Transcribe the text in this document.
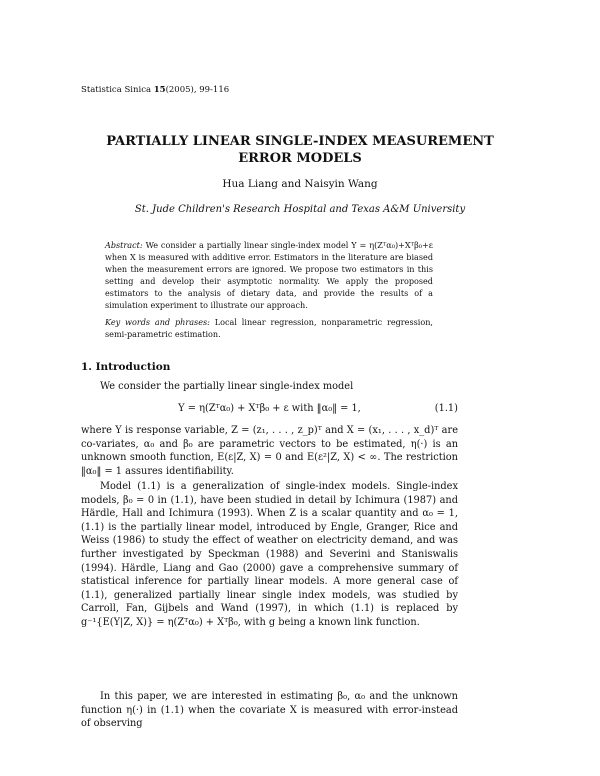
Statistica Sinica 15(2005), 99-116
PARTIALLY LINEAR SINGLE-INDEX MEASUREMENT
ERROR MODELS
Hua Liang and Naisyin Wang
St. Jude Children's Research Hospital and Texas A&M University
Abstract: We consider a partially linear single-index model Y = η(Zᵀα₀)+Xᵀβ₀+ε when X is measured with additive error. Estimators in the literature are biased when the measurement errors are ignored. We propose two estimators in this setting and develop their asymptotic normality. We apply the proposed estimators to the analysis of dietary data, and provide the results of a simulation experiment to illustrate our approach.
Key words and phrases: Local linear regression, nonparametric regression, semi-parametric estimation.
1. Introduction

We consider the partially linear single-index model

Y = η(Zᵀα₀) + Xᵀβ₀ + ε with ‖α₀‖ = 1,	(1.1)

where Y is response variable, Z = (z₁, . . . , z_p)ᵀ and X = (x₁, . . . , x_d)ᵀ are co-variates, α₀ and β₀ are parametric vectors to be estimated, η(·) is an unknown smooth function, E(ε|Z, X) = 0 and E(ε²|Z, X) < ∞. The restriction ‖α₀‖ = 1 assures identifiability.

Model (1.1) is a generalization of single-index models. Single-index models, β₀ = 0 in (1.1), have been studied in detail by Ichimura (1987) and Härdle, Hall and Ichimura (1993). When Z is a scalar quantity and α₀ = 1, (1.1) is the partially linear model, introduced by Engle, Granger, Rice and Weiss (1986) to study the effect of weather on electricity demand, and was further investigated by Speckman (1988) and Severini and Staniswalis (1994). Härdle, Liang and Gao (2000) gave a comprehensive summary of statistical inference for partially linear models. A more general case of (1.1), generalized partially linear single index models, was studied by Carroll, Fan, Gijbels and Wand (1997), in which (1.1) is replaced by g⁻¹{E(Y|Z, X)} = η(Zᵀα₀) + Xᵀβ₀, with g being a known link function.

In this paper, we are interested in estimating β₀, α₀ and the unknown function η(·) in (1.1) when the covariate X is measured with error-instead of observing
